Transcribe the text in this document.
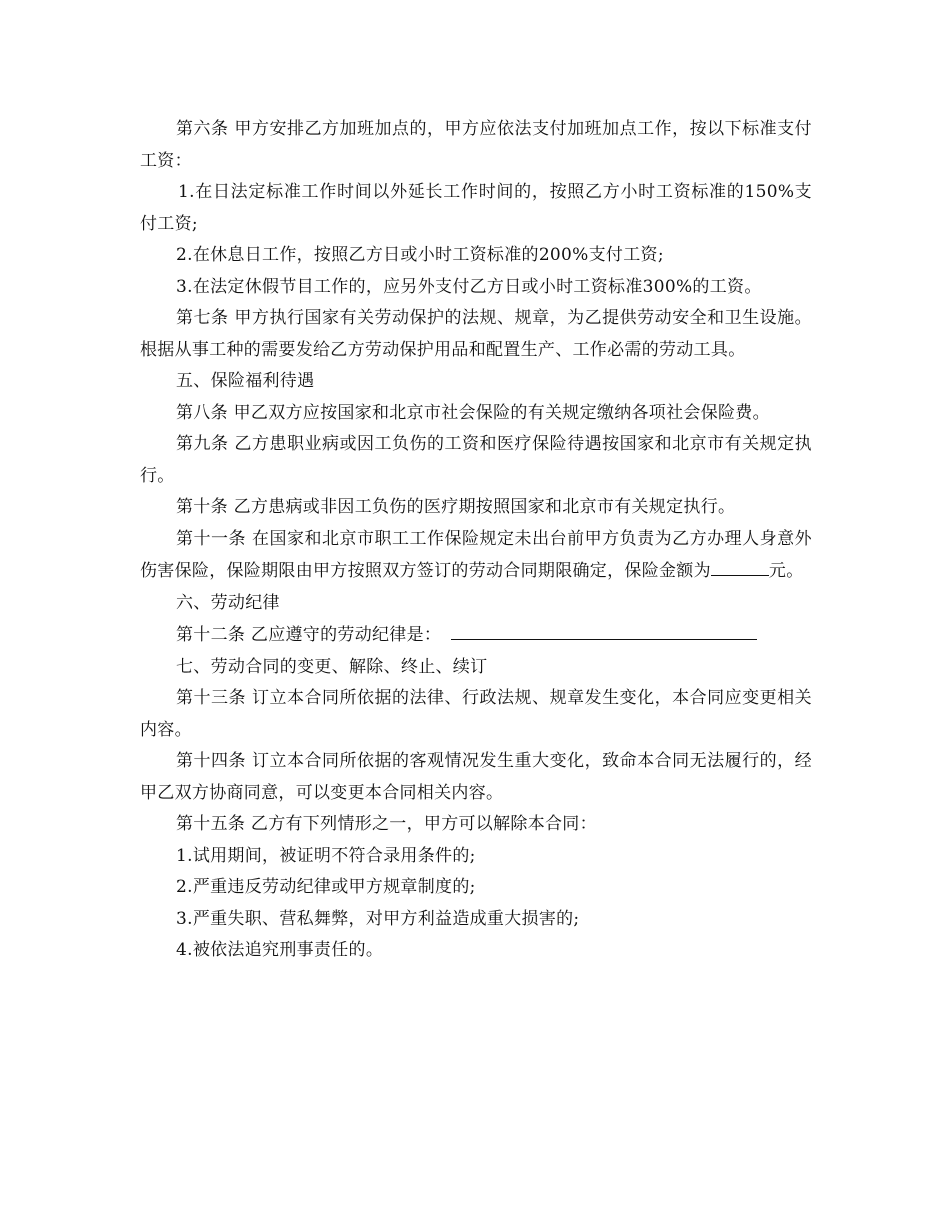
第六条 甲方安排乙方加班加点的，甲方应依法支付加班加点工作，按以下标准支付工资：

1.在日法定标准工作时间以外延长工作时间的，按照乙方小时工资标准的150%支付工资;

2.在休息日工作，按照乙方日或小时工资标准的200%支付工资;

3.在法定休假节目工作的，应另外支付乙方日或小时工资标准300%的工资。

第七条 甲方执行国家有关劳动保护的法规、规章，为乙提供劳动安全和卫生设施。根据从事工种的需要发给乙方劳动保护用品和配置生产、工作必需的劳动工具。

五、保险福利待遇

第八条 甲乙双方应按国家和北京市社会保险的有关规定缴纳各项社会保险费。

第九条 乙方患职业病或因工负伤的工资和医疗保险待遇按国家和北京市有关规定执行。

第十条 乙方患病或非因工负伤的医疗期按照国家和北京市有关规定执行。

第十一条 在国家和北京市职工工作保险规定未出台前甲方负责为乙方办理人身意外伤害保险，保险期限由甲方按照双方签订的劳动合同期限确定，保险金额为	元。

六、劳动纪律

第十二条 乙应遵守的劳动纪律是：

七、劳动合同的变更、解除、终止、续订

第十三条 订立本合同所依据的法律、行政法规、规章发生变化，本合同应变更相关内容。

第十四条 订立本合同所依据的客观情况发生重大变化，致命本合同无法履行的，经甲乙双方协商同意，可以变更本合同相关内容。

第十五条 乙方有下列情形之一，甲方可以解除本合同：

1.试用期间，被证明不符合录用条件的;

2.严重违反劳动纪律或甲方规章制度的;

3.严重失职、营私舞弊，对甲方利益造成重大损害的;

4.被依法追究刑事责任的。
